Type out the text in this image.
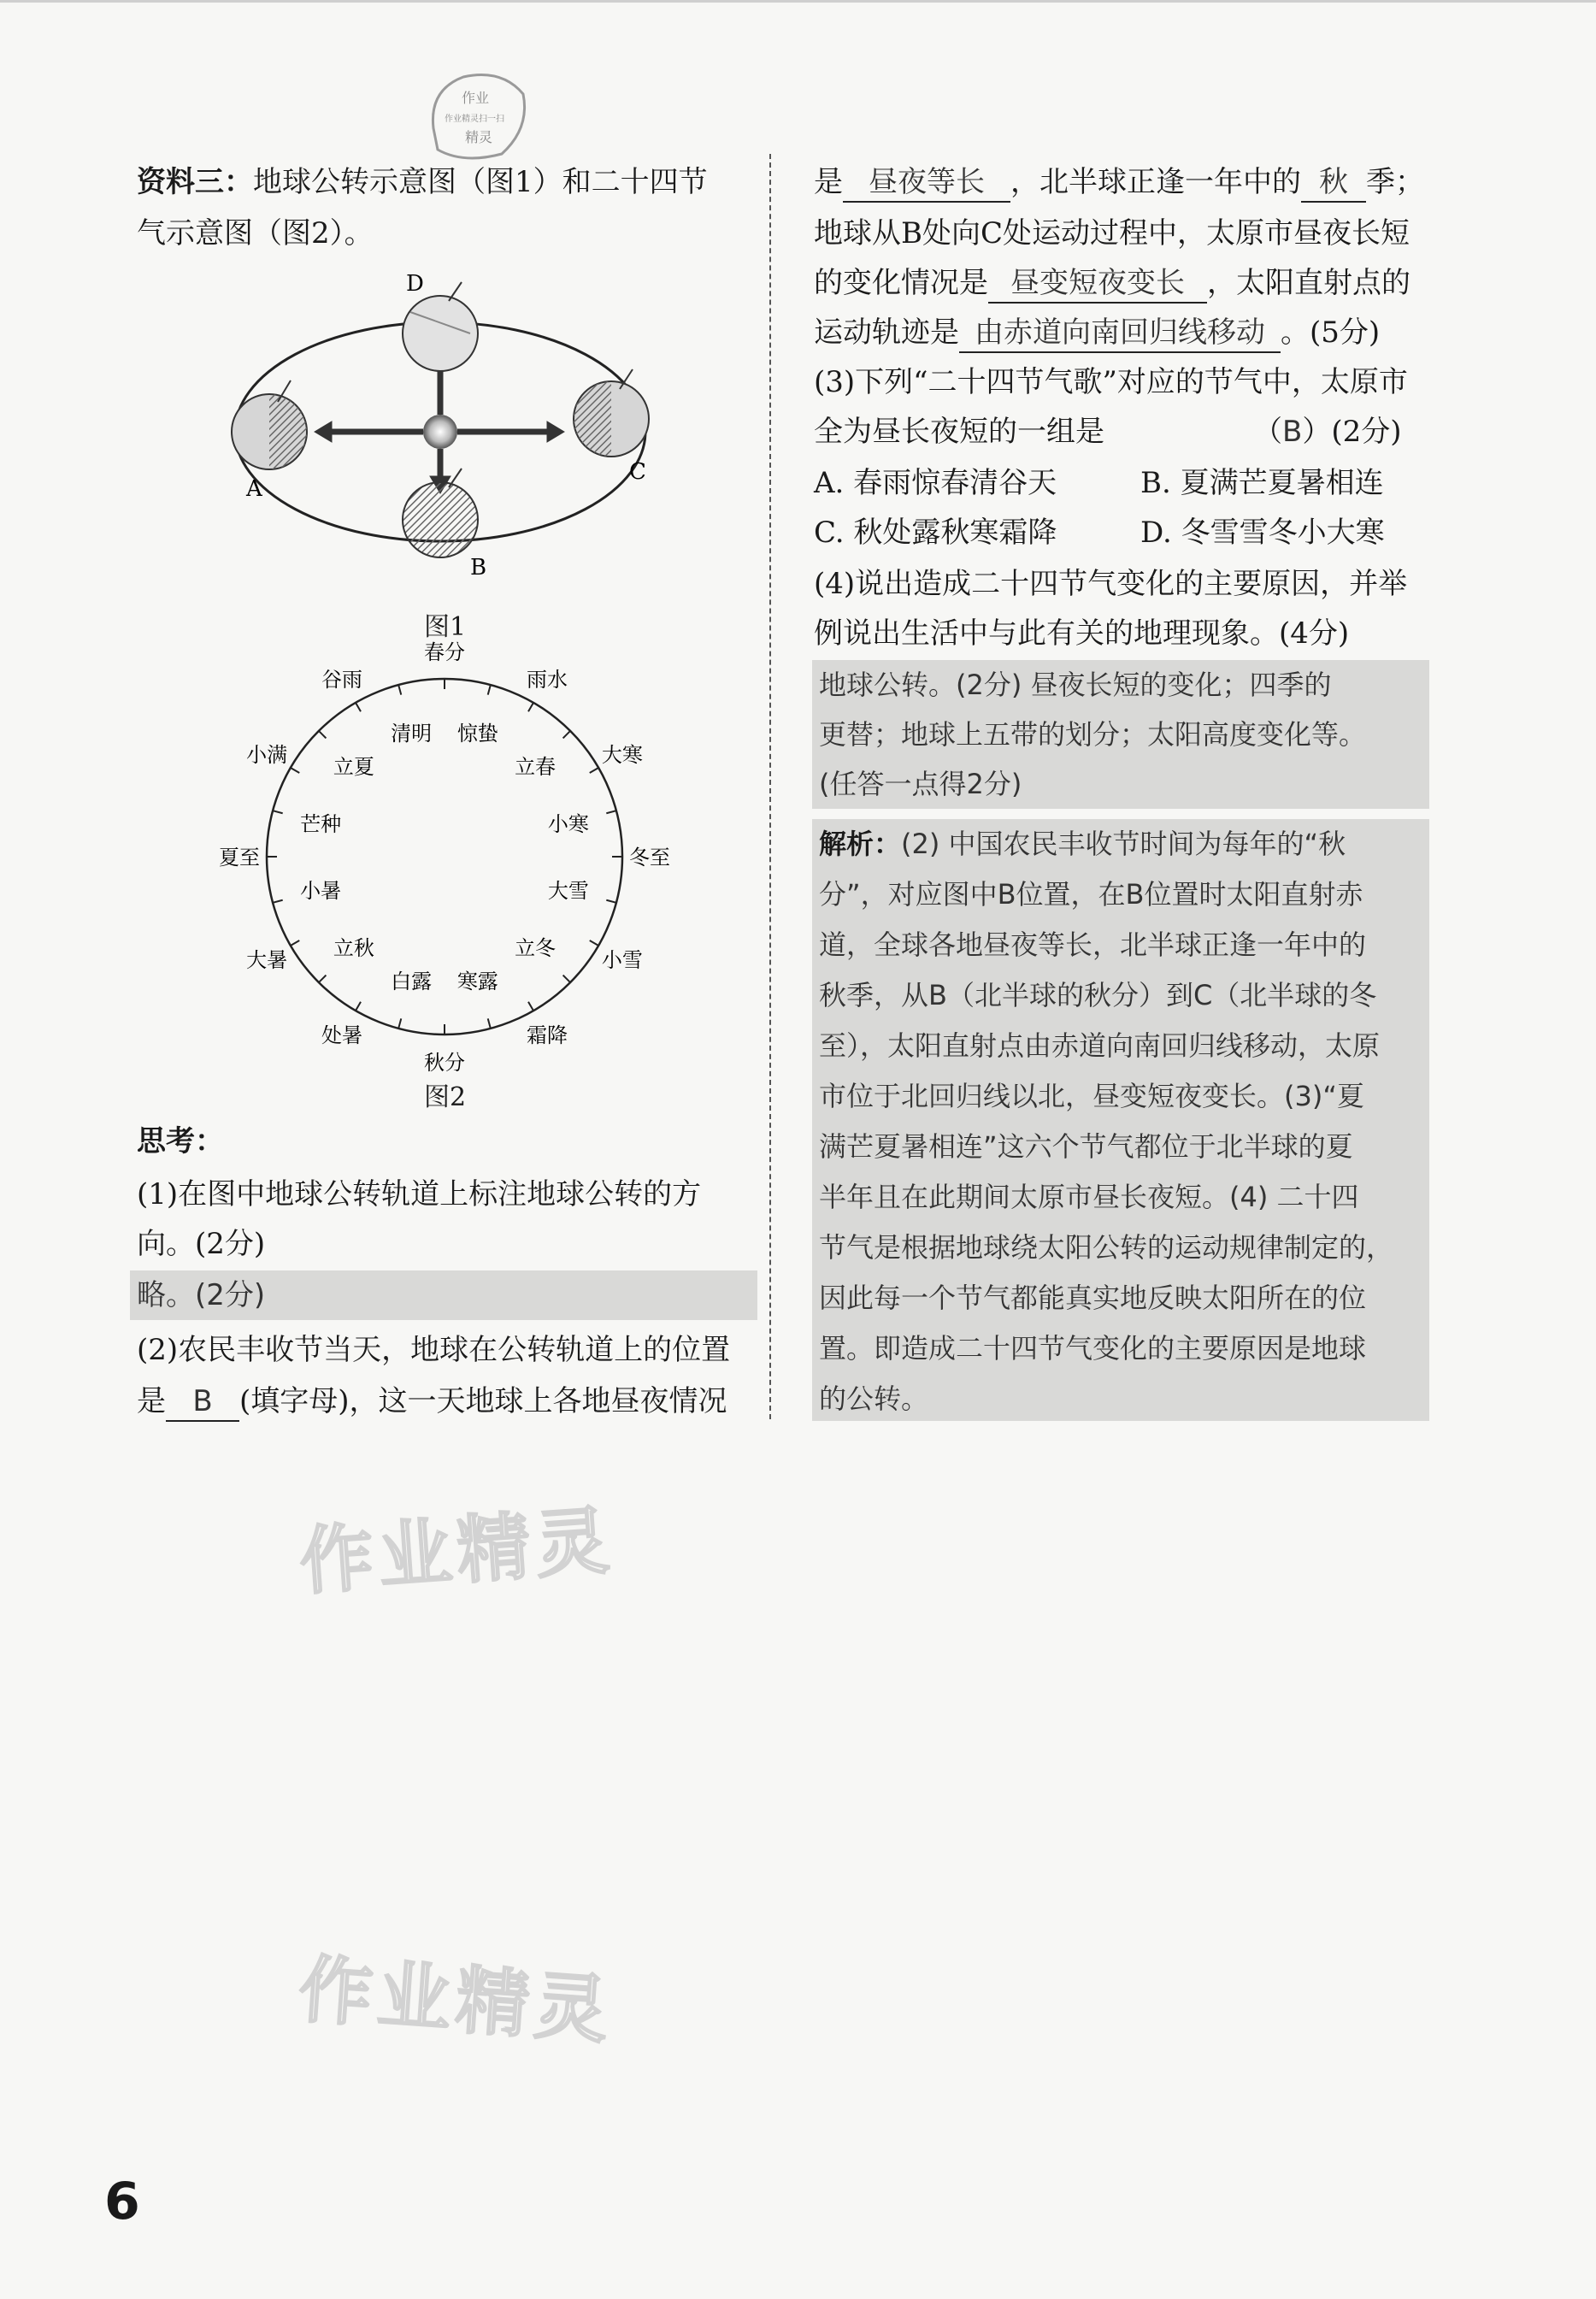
作业
作业精灵扫一扫
精灵
资料三：地球公转示意图（图1）和二十四节
气示意图（图2）。
A
B
C
D
图1
春分
惊蛰
雨水
立春 大寒
小寒
冬至
大雪
小雪
立冬
霜降
寒露
秋分
白露
处暑
立秋
大暑
小暑
夏至
芒种
小满 立夏
谷雨
清明
图2
思考：
(1)在图中地球公转轨道上标注地球公转的方
向。(2分)
略。(2分)
(2)农民丰收节当天，地球在公转轨道上的位置
是 B (填字母)，这一天地球上各地昼夜情况
是 昼夜等长 ，北半球正逢一年中的 秋 季；
地球从B处向C处运动过程中，太原市昼夜长短
的变化情况是 昼变短夜变长 ，太阳直射点的
运动轨迹是 由赤道向南回归线移动 。(5分)
(3)下列“二十四节气歌”对应的节气中，太原市
全为昼长夜短的一组是	（B）(2分)
A. 春雨惊春清谷天	B. 夏满芒夏暑相连
C. 秋处露秋寒霜降	D. 冬雪雪冬小大寒
(4)说出造成二十四节气变化的主要原因，并举
例说出生活中与此有关的地理现象。(4分)
地球公转。(2分) 昼夜长短的变化；四季的
更替；地球上五带的划分；太阳高度变化等。
(任答一点得2分)
解析：(2) 中国农民丰收节时间为每年的“秋
分”，对应图中B位置，在B位置时太阳直射赤
道，全球各地昼夜等长，北半球正逢一年中的
秋季，从B（北半球的秋分）到C（北半球的冬
至），太阳直射点由赤道向南回归线移动，太原
市位于北回归线以北，昼变短夜变长。(3)“夏
满芒夏暑相连”这六个节气都位于北半球的夏
半年且在此期间太原市昼长夜短。(4) 二十四
节气是根据地球绕太阳公转的运动规律制定的，
因此每一个节气都能真实地反映太阳所在的位
置。即造成二十四节气变化的主要原因是地球
的公转。
作业精灵
作业精灵
6
